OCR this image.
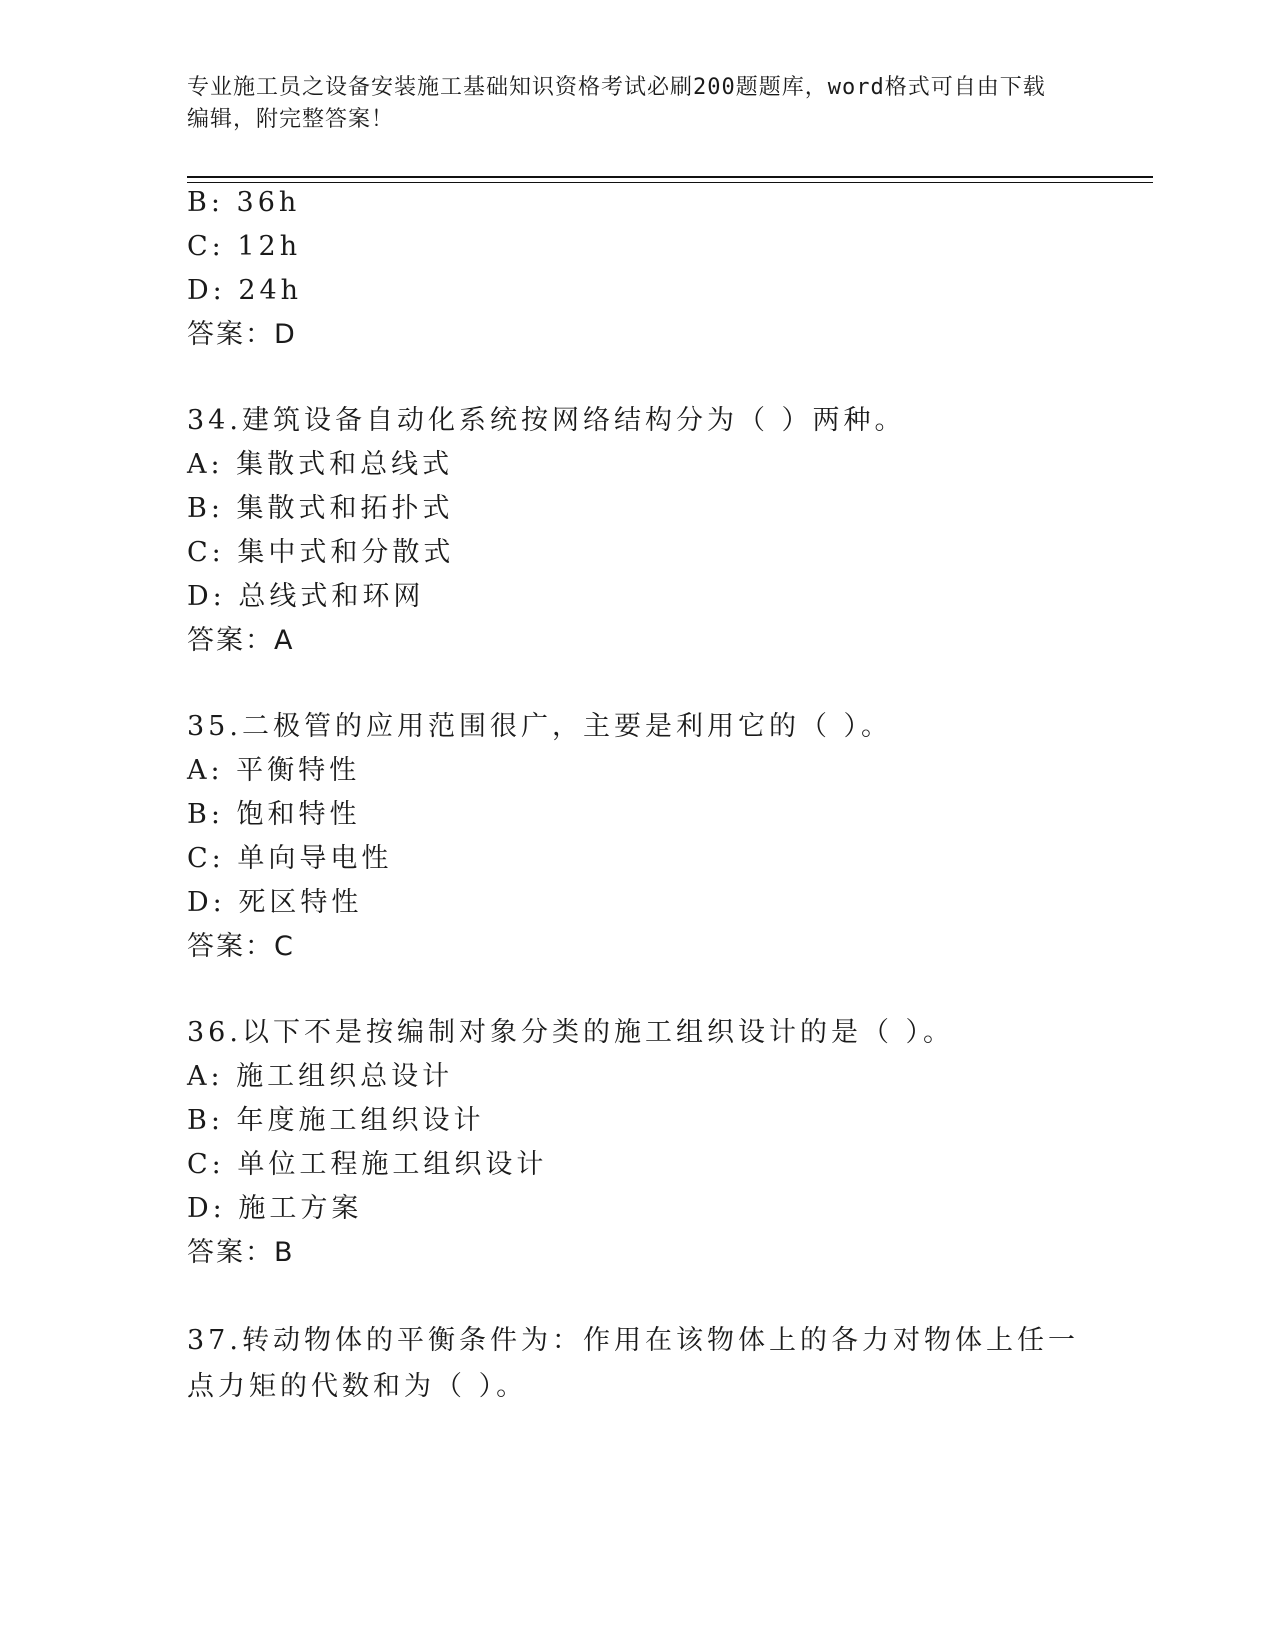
专业施工员之设备安装施工基础知识资格考试必刷200题题库，word格式可自由下载编辑，附完整答案！
B: 36h
C: 12h
D: 24h
答案：D
34.建筑设备自动化系统按网络结构分为（ ）两种。
A: 集散式和总线式
B: 集散式和拓扑式
C: 集中式和分散式
D: 总线式和环网
答案：A
35.二极管的应用范围很广，主要是利用它的（ ）。
A: 平衡特性
B: 饱和特性
C: 单向导电性
D: 死区特性
答案：C
36.以下不是按编制对象分类的施工组织设计的是（ ）。
A: 施工组织总设计
B: 年度施工组织设计
C: 单位工程施工组织设计
D: 施工方案
答案：B
37.转动物体的平衡条件为：作用在该物体上的各力对物体上任一点力矩的代数和为（ ）。
